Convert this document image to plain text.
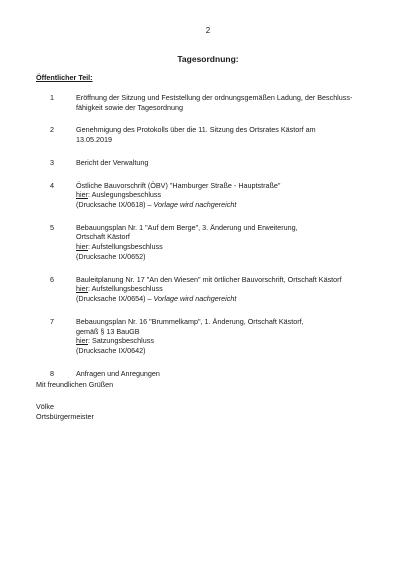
2
Tagesordnung:
Öffentlicher Teil:
1	Eröffnung der Sitzung und Feststellung der ordnungsgemäßen Ladung, der Beschluss-
fähigkeit sowie der Tagesordnung
2	Genehmigung des Protokolls über die 11. Sitzung des Ortsrates Kästorf am
13.05.2019
3	Bericht der Verwaltung
4	Östliche Bauvorschrift (ÖBV) "Hamburger Straße - Hauptstraße"
hier: Auslegungsbeschluss
(Drucksache IX/0618) – Vorlage wird nachgereicht
5	Bebauungsplan Nr. 1 "Auf dem Berge", 3. Änderung und Erweiterung,
Ortschaft Kästorf
hier: Aufstellungsbeschluss
(Drucksache IX/0652)
6	Bauleitplanung Nr. 17 "An den Wiesen" mit örtlicher Bauvorschrift, Ortschaft Kästorf
hier: Aufstellungsbeschluss
(Drucksache IX/0654) – Vorlage wird nachgereicht
7	Bebauungsplan Nr. 16 "Brummelkamp", 1. Änderung, Ortschaft Kästorf,
gemäß § 13 BauGB
hier: Satzungsbeschluss
(Drucksache IX/0642)
8	Anfragen und Anregungen
Mit freundlichen Grüßen
Völke
Ortsbürgermeister
